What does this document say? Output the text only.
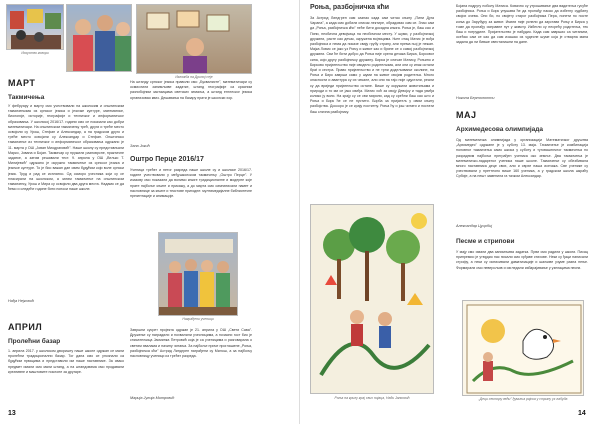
Искуство говори
Изложба на Дриној сеје
МАРТ
Такмичења
У фебруару и марту смо учествовали на школским и општинским такмичењима из српског језика и језичке културе, математике, биологије, историје, географије и техничког и информатичког образовања. У школској 2016/17. години смо се показали као добри математичари. На општинском такмичењу трећ, други и треће место освојили су Урош, Стефан и Александар, а на градском друго и треће место освојили су Александар и Стефан. Општинско такмичење из техничког и информатичког образовања одржано је 11. марта у ОШ „Јован Миодраговић". Наше школу су представљали Марко, Јована и Бојан. Такмичар су пружили разноврсне, практичне задатке, а затим решавали тест. 9. априла у ОШ „Вељко Т. Милијевић" одржано је окружно такмичење из српског језика и језичке културе. То је био важан дан свим будућим који воле српски језик. Труд и рад се исплатио. Од осморо учесника који су се пласирали на школском, а затим такмичење на општинском такмичењу, Урош и Мира су освојили два друга места. Надамо се да ћемо и следеће године бити поноси наше школе.
Нађа Нејковић
АПРИЛ
Пролећни базар
1. априла 2017. у школском дворишту наше школе одржан се мали пролећни традиционални базар. Тог дана смо се упознали са будућим првацима и представили им наше наставнике. За свако предмет имали смо мали штанд, а на штандовима смо продавали креативне и маштовите поклоне за другаре.
На штанду српског језика правили смо „Буквалисте", математичари су осмислили занимљиве задатке, штанд географије са красним разнобојним застаицама светских земаља, а штанд енглеског језика организовао квиз. Дешавања на базару прати је школски хор.
Зана Јокић
Оштро Перце 2016/17
Ученици трећег и петог разреда наше школе су и школске 2016/17. године учествовали у међушколском такмичењу „Оштро Перце". У изазову смо показали да волимо књиге традиционалне и модерне које прате најбоље књиге и прикажу, а до марта смо симпатисали памет и насловнице за књиге и текстове пригодне: мултимедијалне библиотечне презентације и анимације.
Награђени ученици
Завршни сусрет пројекта одржан је 21. априла у ОШ „Свети Сава". Дружење су наградили и похвалили учесницима, а почасни гост био је списатељица Јасминка Петровић која је са ученицима и разговарала о светим хвалама и начину читања. За најбоље приче проглашене „Роња, разбојничка кћи" Астрид Линдгрен награђени су Милош, а за најбољу насловницу ученици из трећег разреда.
Марија Јулија Митровић
13
Роња, разбојничка кћи
За Астрид Линдгрен сам сазнао када сам читао књигу „Пипи Дуга Чарапа", а када смо добили списак лектире, обрадовао сам се. Знао сам да „Роња, разбојничка кћи" неће бити досадна књига. Роња је, баш као и Пипи, необична девојчица на необичном месту. У шуми, у разбојничкој дружини, расте као дечак, окружена војницима. Њен отац Матис је вођа разбојника и нема да показе свају грубу страну, али према њој је нежан. Мајка Ловис се јако уз Роњу и живот као и брине се о самој разбојничкој дружини. Сви ће бити добро да Роња није срела дечака Бирка, Борковог сина, који другу разбојничку дружину. Бирка је сличан Матису, Роњино и Бирково пријатељство није свидело родитељима, али они су ипак остали браt и сестра. Право пријатељство и не трпи додељивање околине, па Роња и Бирк заврши само у шуми на живот својим родитеља. Много опасности и авантура су их чекале, али они на таjо није одустали, реали су да вриједи пријатељство остане. Више су окружили животињама и природи и то ми се јако свиђа. Матис хоћ за своју Девојку и тада увиђа колико ју воли. На крају су се сви мирили, кад су срећни баш као што и Роња и Бирк ће се не пустити. Борба за пријатељ у овим књигу разбојства. Доскоро је се крају поститну. Роња ћу и још читати и постати баш слична разбојнику.
Роња на крилу крај свих пијаца, Нади Јанковић
Бојана подругу поболу Матиса. Ковачно су утрошивање два вадитеља гусуће разбојника. Роња и Бирк упушава ће да пронађу пакао да избегну судбину својих очева. Они би, по својету старог разбојника Пера, понети по посте коња до Зарубуру за живот. Имати није успели да заустави Роњу и Бирка у томе да пронађу исправне пут у животу. Избегли су несрећу родитеља, тек баш и потрудиле. Пријатељство је набудио. Када сам завршио са читањем, осећао сам се као да сам изашао из чудесне шуме која је стварна мапа задала да ли бивше свесталишни на дане.
Никола Бертолотти
МАЈ
Архимедесова олимпијада
Од математичка олимпијада у организацији Математичког друштва „Архимедес" одржане је у суботу 13. маја. Тачмичење је комбинација половног такмичења само шкока у суботу и туговаштичног такмичења по разрадним најбољи преграђен ученика око земље. Два такмичења је математичко-надареног ученика наше школе. Такмичење су обезбивала много наставника деце свих, али и сврхе наша исечака. Све ученике су учествовали у преттеоно више 160 ученика, а у градском школа шкраћу Србије, а на нешт заменила га тачком Александар.
Александар Цуцобиј
Песме и стрипови
У мају смо имали два занимљива задатка. Први смо радили у школи. Писац припремио је утврдио нас писали смо хрђаве стихове. Неки су ђаци написали строфу, а неки су исписивали даматизације и шаљиве узуме разна пење. Формирали смо неверољив и изгледали избарајивање у узелацима песни.
„Деци сектору већи" ђумиња рајска у стрипу уз лабуда
14
